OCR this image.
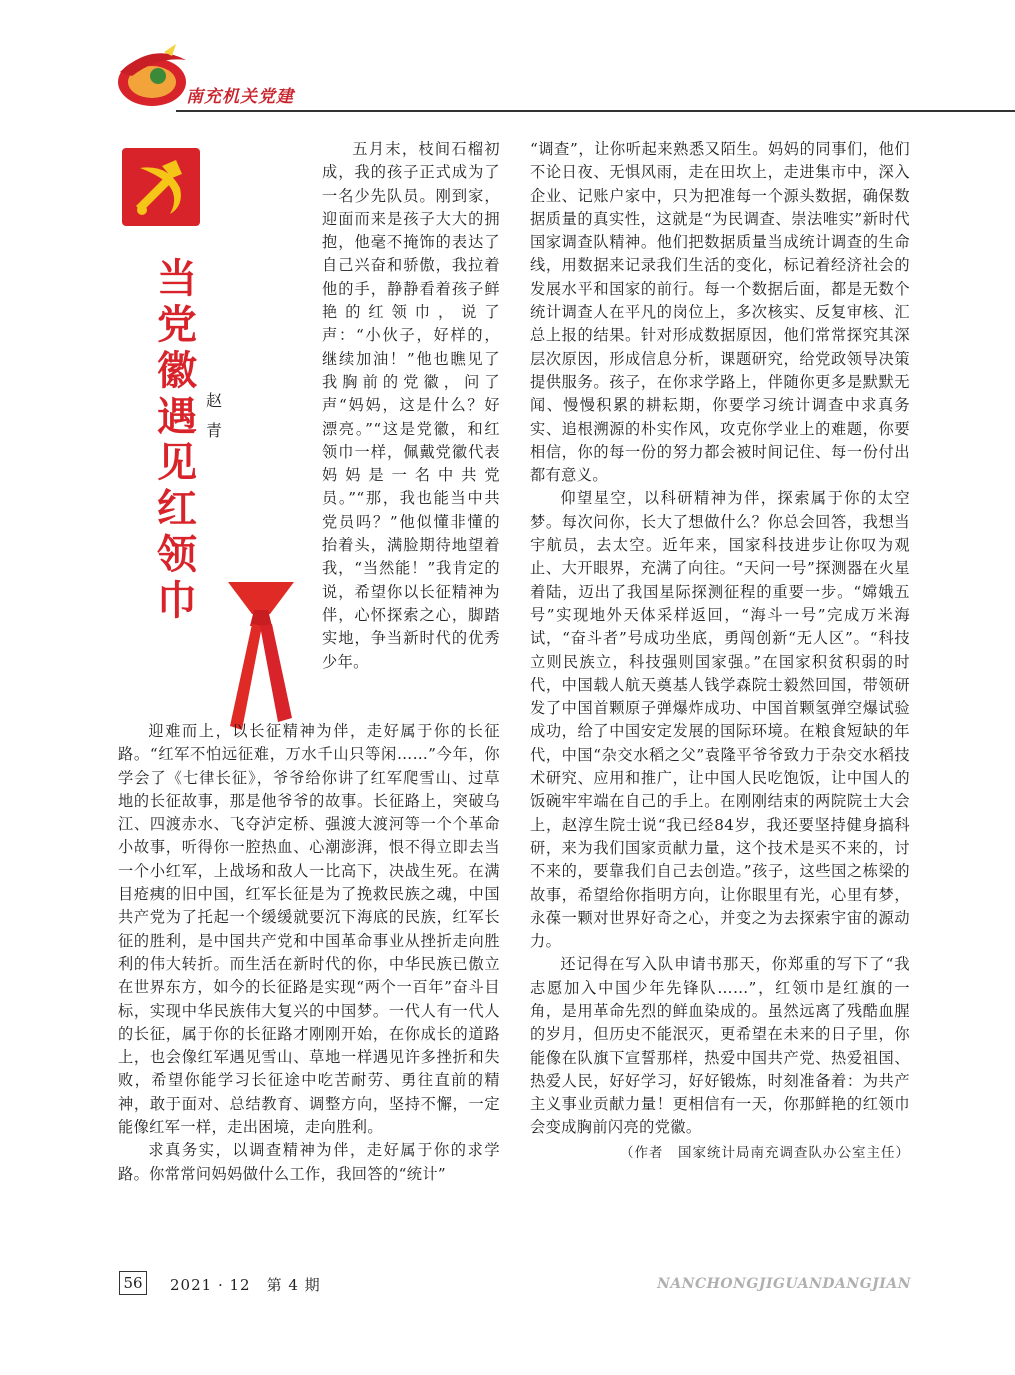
南充机关党建
当
党
徽
遇
见
红
领
巾
赵
青

五月末，枝间石榴初成，我的孩子正式成为了一名少先队员。刚到家，迎面而来是孩子大大的拥抱，他毫不掩饰的表达了自己兴奋和骄傲，我拉着他的手，静静看着孩子鲜艳的红领巾，说了声：“小伙子，好样的，继续加油！”他也瞧见了我胸前的党徽，问了声“妈妈，这是什么？好漂亮。”“这是党徽，和红领巾一样，佩戴党徽代表妈妈是一名中共党员。”“那，我也能当中共党员吗？”他似懂非懂的抬着头，满脸期待地望着我，“当然能！”我肯定的说，希望你以长征精神为伴，心怀探索之心，脚踏实地，争当新时代的优秀少年。

迎难而上，以长征精神为伴，走好属于你的长征路。“红军不怕远征难，万水千山只等闲……”今年，你学会了《七律长征》，爷爷给你讲了红军爬雪山、过草地的长征故事，那是他爷爷的故事。长征路上，突破乌江、四渡赤水、飞夺泸定桥、强渡大渡河等一个个革命小故事，听得你一腔热血、心潮澎湃，恨不得立即去当一个小红军，上战场和敌人一比高下，决战生死。在满目疮痍的旧中国，红军长征是为了挽救民族之魂，中国共产党为了托起一个缓缓就要沉下海底的民族，红军长征的胜利，是中国共产党和中国革命事业从挫折走向胜利的伟大转折。而生活在新时代的你，中华民族已傲立在世界东方，如今的长征路是实现“两个一百年”奋斗目标，实现中华民族伟大复兴的中国梦。一代人有一代人的长征，属于你的长征路才刚刚开始，在你成长的道路上，也会像红军遇见雪山、草地一样遇见许多挫折和失败，希望你能学习长征途中吃苦耐劳、勇往直前的精神，敢于面对、总结教育、调整方向，坚持不懈，一定能像红军一样，走出困境，走向胜利。

求真务实，以调查精神为伴，走好属于你的求学路。你常常问妈妈做什么工作，我回答的“统计”

“调查”，让你听起来熟悉又陌生。妈妈的同事们，他们不论日夜、无惧风雨，走在田坎上，走进集市中，深入企业、记账户家中，只为把准每一个源头数据，确保数据质量的真实性，这就是“为民调查、崇法唯实”新时代国家调查队精神。他们把数据质量当成统计调查的生命线，用数据来记录我们生活的变化，标记着经济社会的发展水平和国家的前行。每一个数据后面，都是无数个统计调查人在平凡的岗位上，多次核实、反复审核、汇总上报的结果。针对形成数据原因，他们常常探究其深层次原因，形成信息分析，课题研究，给党政领导决策提供服务。孩子，在你求学路上，伴随你更多是默默无闻、慢慢积累的耕耘期，你要学习统计调查中求真务实、追根溯源的朴实作风，攻克你学业上的难题，你要相信，你的每一份的努力都会被时间记住、每一份付出都有意义。

仰望星空，以科研精神为伴，探索属于你的太空梦。每次问你，长大了想做什么？你总会回答，我想当宇航员，去太空。近年来，国家科技进步让你叹为观止、大开眼界，充满了向往。“天问一号”探测器在火星着陆，迈出了我国星际探测征程的重要一步。“嫦娥五号”实现地外天体采样返回，“海斗一号”完成万米海试，“奋斗者”号成功坐底，勇闯创新“无人区”。“科技立则民族立，科技强则国家强。”在国家积贫积弱的时代，中国载人航天奠基人钱学森院士毅然回国，带领研发了中国首颗原子弹爆炸成功、中国首颗氢弹空爆试验成功，给了中国安定发展的国际环境。在粮食短缺的年代，中国“杂交水稻之父”袁隆平爷爷致力于杂交水稻技术研究、应用和推广，让中国人民吃饱饭，让中国人的饭碗牢牢端在自己的手上。在刚刚结束的两院院士大会上，赵淳生院士说“我已经84岁，我还要坚持健身搞科研，来为我们国家贡献力量，这个技术是买不来的，讨不来的，要靠我们自己去创造。”孩子，这些国之栋梁的故事，希望给你指明方向，让你眼里有光，心里有梦，永葆一颗对世界好奇之心，并变之为去探索宇宙的源动力。

还记得在写入队申请书那天，你郑重的写下了“我志愿加入中国少年先锋队……”，红领巾是红旗的一角，是用革命先烈的鲜血染成的。虽然远离了残酷血腥的岁月，但历史不能泯灭，更希望在未来的日子里，你能像在队旗下宣誓那样，热爱中国共产党、热爱祖国、热爱人民，好好学习，好好锻炼，时刻准备着：为共产主义事业贡献力量！更相信有一天，你那鲜艳的红领巾会变成胸前闪亮的党徽。

（作者　国家统计局南充调查队办公室主任）

56 2021 · 12　第 4 期	NANCHONGJIGUANDANGJIAN
